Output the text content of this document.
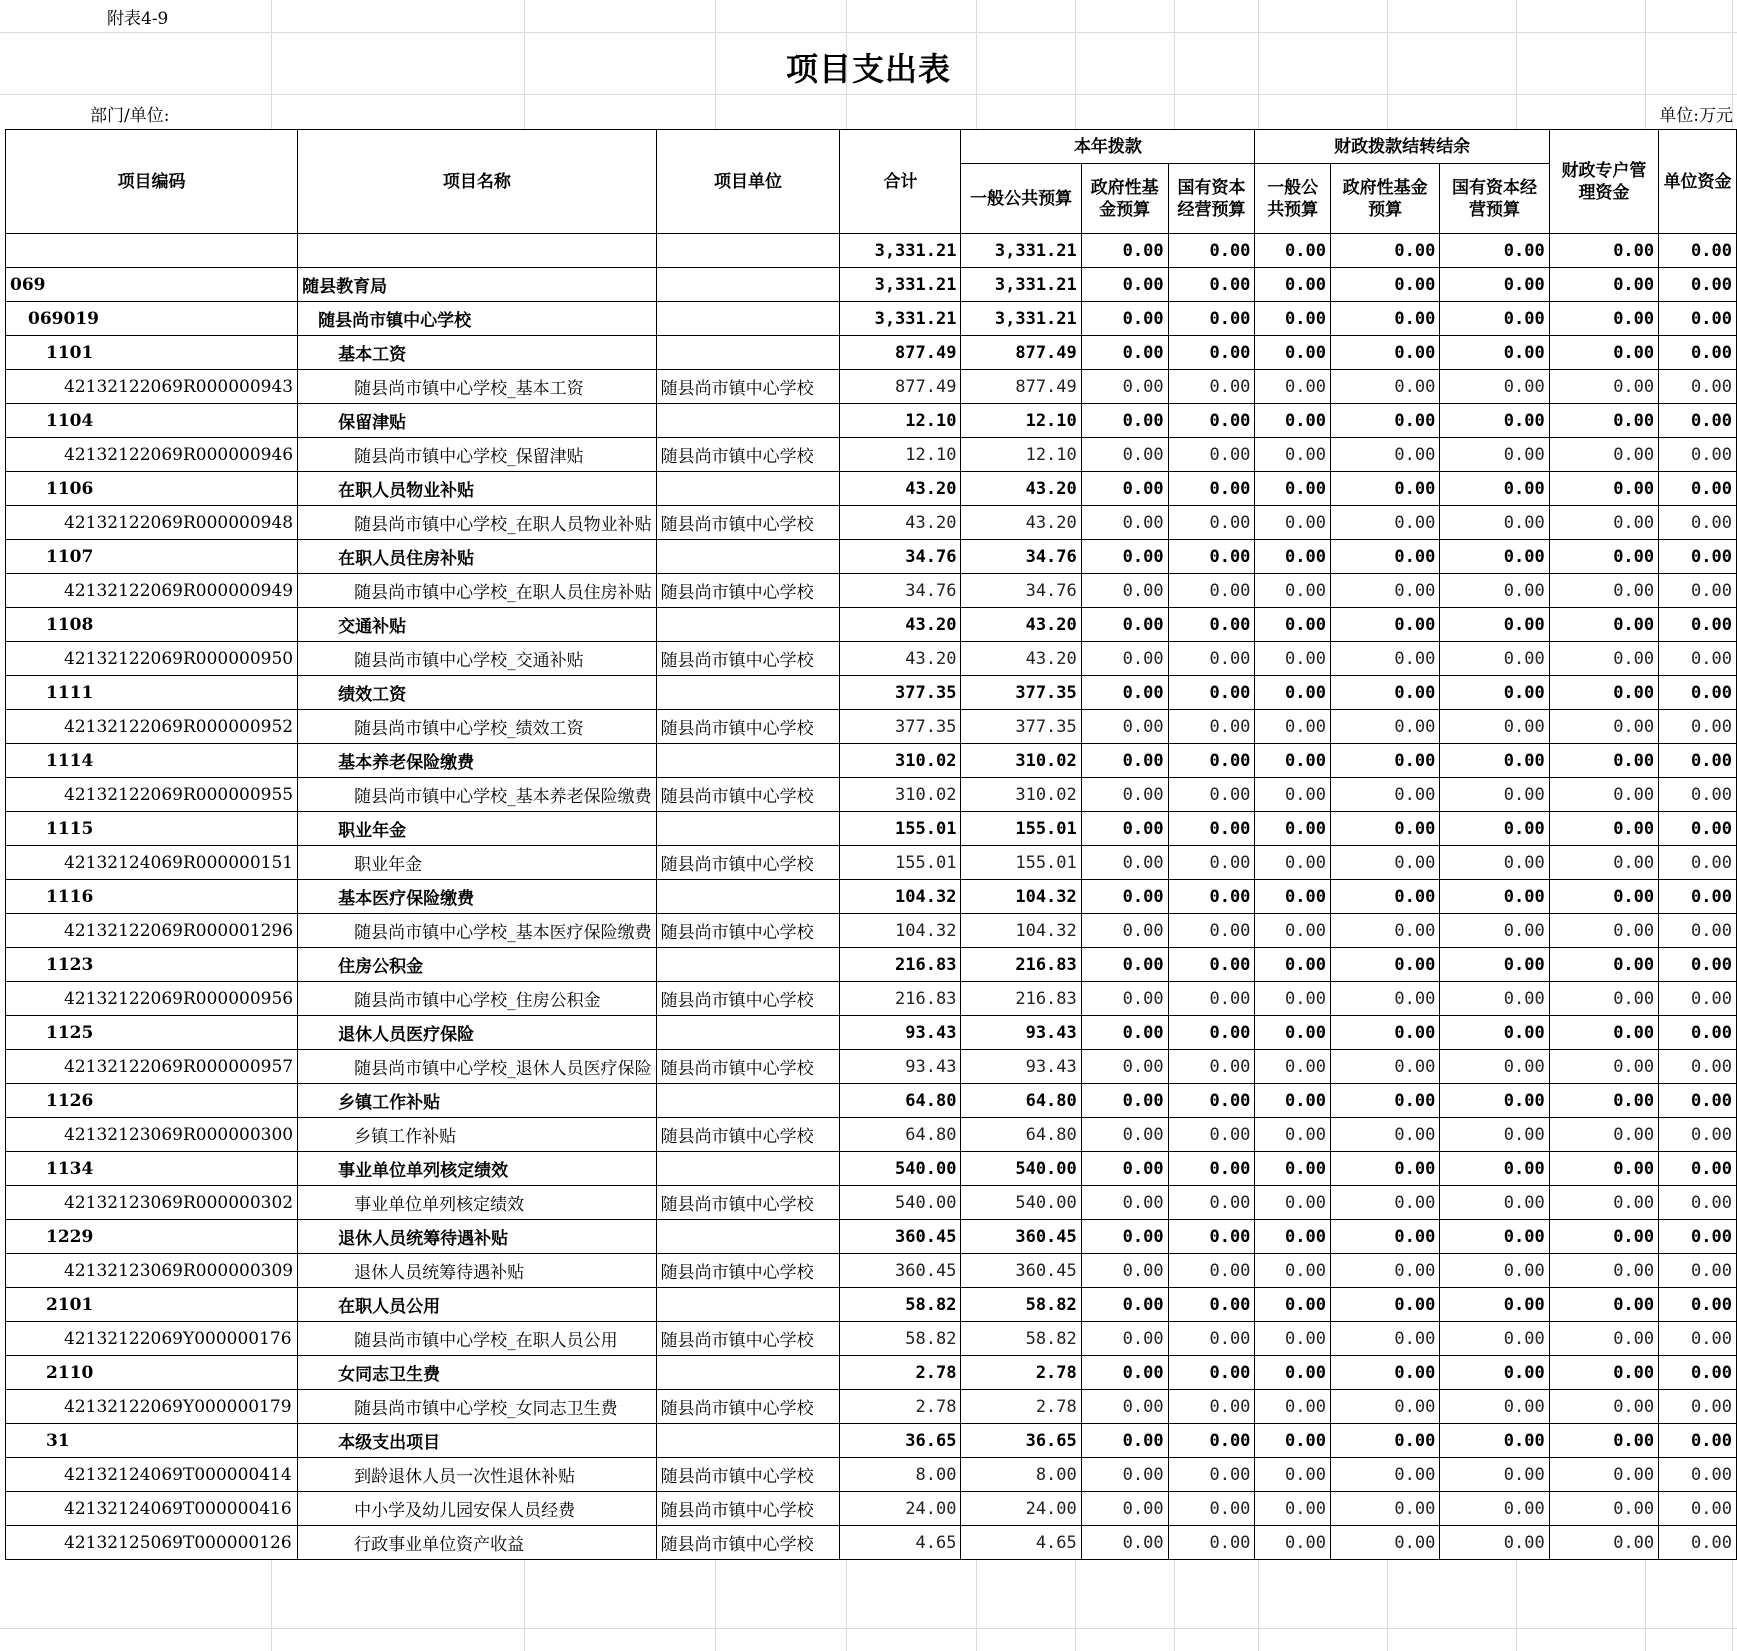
附表4-9
项目支出表
部门/单位:	单位:万元
项目编码	项目名称	项目单位	合计	本年拨款			财政拨款结转结余			财政专户管理资金	单位资金
				一般公共预算	政府性基金预算	国有资本经营预算	一般公共预算	政府性基金预算	国有资本经营预算		
			3,331.21	3,331.21	0.00	0.00	0.00	0.00	0.00	0.00	0.00
069	随县教育局		3,331.21	3,331.21	0.00	0.00	0.00	0.00	0.00	0.00	0.00
069019	随县尚市镇中心学校		3,331.21	3,331.21	0.00	0.00	0.00	0.00	0.00	0.00	0.00
1101	基本工资		877.49	877.49	0.00	0.00	0.00	0.00	0.00	0.00	0.00
42132122069R000000943	随县尚市镇中心学校_基本工资	随县尚市镇中心学校	877.49	877.49	0.00	0.00	0.00	0.00	0.00	0.00	0.00
1104	保留津贴		12.10	12.10	0.00	0.00	0.00	0.00	0.00	0.00	0.00
42132122069R000000946	随县尚市镇中心学校_保留津贴	随县尚市镇中心学校	12.10	12.10	0.00	0.00	0.00	0.00	0.00	0.00	0.00
1106	在职人员物业补贴		43.20	43.20	0.00	0.00	0.00	0.00	0.00	0.00	0.00
42132122069R000000948	随县尚市镇中心学校_在职人员物业补贴	随县尚市镇中心学校	43.20	43.20	0.00	0.00	0.00	0.00	0.00	0.00	0.00
1107	在职人员住房补贴		34.76	34.76	0.00	0.00	0.00	0.00	0.00	0.00	0.00
42132122069R000000949	随县尚市镇中心学校_在职人员住房补贴	随县尚市镇中心学校	34.76	34.76	0.00	0.00	0.00	0.00	0.00	0.00	0.00
1108	交通补贴		43.20	43.20	0.00	0.00	0.00	0.00	0.00	0.00	0.00
42132122069R000000950	随县尚市镇中心学校_交通补贴	随县尚市镇中心学校	43.20	43.20	0.00	0.00	0.00	0.00	0.00	0.00	0.00
1111	绩效工资		377.35	377.35	0.00	0.00	0.00	0.00	0.00	0.00	0.00
42132122069R000000952	随县尚市镇中心学校_绩效工资	随县尚市镇中心学校	377.35	377.35	0.00	0.00	0.00	0.00	0.00	0.00	0.00
1114	基本养老保险缴费		310.02	310.02	0.00	0.00	0.00	0.00	0.00	0.00	0.00
42132122069R000000955	随县尚市镇中心学校_基本养老保险缴费	随县尚市镇中心学校	310.02	310.02	0.00	0.00	0.00	0.00	0.00	0.00	0.00
1115	职业年金		155.01	155.01	0.00	0.00	0.00	0.00	0.00	0.00	0.00
42132124069R000000151	职业年金	随县尚市镇中心学校	155.01	155.01	0.00	0.00	0.00	0.00	0.00	0.00	0.00
1116	基本医疗保险缴费		104.32	104.32	0.00	0.00	0.00	0.00	0.00	0.00	0.00
42132122069R000001296	随县尚市镇中心学校_基本医疗保险缴费	随县尚市镇中心学校	104.32	104.32	0.00	0.00	0.00	0.00	0.00	0.00	0.00
1123	住房公积金		216.83	216.83	0.00	0.00	0.00	0.00	0.00	0.00	0.00
42132122069R000000956	随县尚市镇中心学校_住房公积金	随县尚市镇中心学校	216.83	216.83	0.00	0.00	0.00	0.00	0.00	0.00	0.00
1125	退休人员医疗保险		93.43	93.43	0.00	0.00	0.00	0.00	0.00	0.00	0.00
42132122069R000000957	随县尚市镇中心学校_退休人员医疗保险	随县尚市镇中心学校	93.43	93.43	0.00	0.00	0.00	0.00	0.00	0.00	0.00
1126	乡镇工作补贴		64.80	64.80	0.00	0.00	0.00	0.00	0.00	0.00	0.00
42132123069R000000300	乡镇工作补贴	随县尚市镇中心学校	64.80	64.80	0.00	0.00	0.00	0.00	0.00	0.00	0.00
1134	事业单位单列核定绩效		540.00	540.00	0.00	0.00	0.00	0.00	0.00	0.00	0.00
42132123069R000000302	事业单位单列核定绩效	随县尚市镇中心学校	540.00	540.00	0.00	0.00	0.00	0.00	0.00	0.00	0.00
1229	退休人员统筹待遇补贴		360.45	360.45	0.00	0.00	0.00	0.00	0.00	0.00	0.00
42132123069R000000309	退休人员统筹待遇补贴	随县尚市镇中心学校	360.45	360.45	0.00	0.00	0.00	0.00	0.00	0.00	0.00
2101	在职人员公用		58.82	58.82	0.00	0.00	0.00	0.00	0.00	0.00	0.00
42132122069Y000000176	随县尚市镇中心学校_在职人员公用	随县尚市镇中心学校	58.82	58.82	0.00	0.00	0.00	0.00	0.00	0.00	0.00
2110	女同志卫生费		2.78	2.78	0.00	0.00	0.00	0.00	0.00	0.00	0.00
42132122069Y000000179	随县尚市镇中心学校_女同志卫生费	随县尚市镇中心学校	2.78	2.78	0.00	0.00	0.00	0.00	0.00	0.00	0.00
31	本级支出项目		36.65	36.65	0.00	0.00	0.00	0.00	0.00	0.00	0.00
42132124069T000000414	到龄退休人员一次性退休补贴	随县尚市镇中心学校	8.00	8.00	0.00	0.00	0.00	0.00	0.00	0.00	0.00
42132124069T000000416	中小学及幼儿园安保人员经费	随县尚市镇中心学校	24.00	24.00	0.00	0.00	0.00	0.00	0.00	0.00	0.00
42132125069T000000126	行政事业单位资产收益	随县尚市镇中心学校	4.65	4.65	0.00	0.00	0.00	0.00	0.00	0.00	0.00
